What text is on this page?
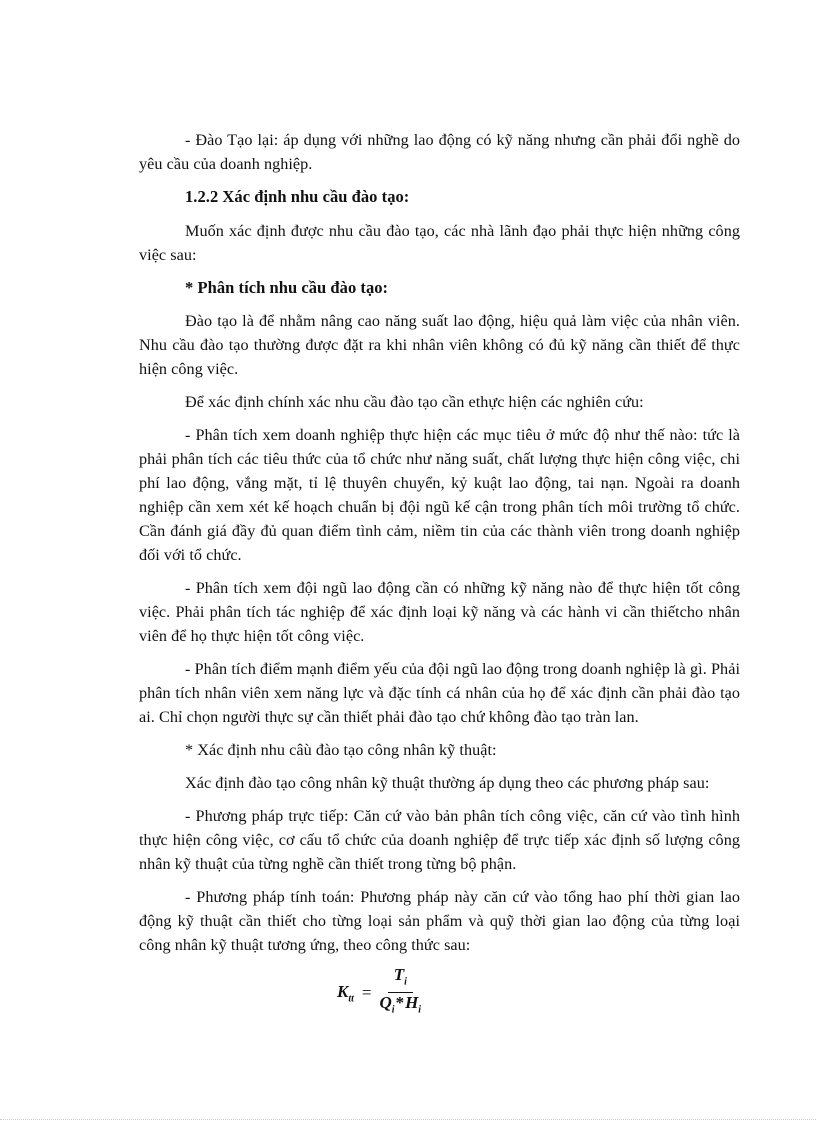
- Đào Tạo lại: áp dụng với những lao động có kỹ năng nhưng cần phải đổi nghề do yêu cầu của doanh nghiệp.

1.2.2 Xác định nhu cầu đào tạo:

Muốn xác định được nhu cầu đào tạo, các nhà lãnh đạo phải thực hiện những công việc sau:

* Phân tích nhu cầu đào tạo:

Đào tạo là để nhằm nâng cao năng suất lao động, hiệu quả làm việc của nhân viên. Nhu cầu đào tạo thường được đặt ra khi nhân viên không có đủ kỹ năng cần thiết để thực hiện công việc.

Để xác định chính xác nhu cầu đào tạo cần ethực hiện các nghiên cứu:

- Phân tích xem doanh nghiệp thực hiện các mục tiêu ở mức độ như thế nào: tức là phải phân tích các tiêu thức của tổ chức như năng suất, chất lượng thực hiện công việc, chi phí lao động, vắng mặt, tỉ lệ thuyên chuyển, kỷ kuật lao động, tai nạn. Ngoài ra doanh nghiệp cần xem xét kế hoạch chuẩn bị đội ngũ kế cận trong phân tích môi trường tổ chức. Cần đánh giá đầy đủ quan điểm tình cảm, niềm tin của các thành viên trong doanh nghiệp đối với tổ chức.

- Phân tích xem đội ngũ lao động cần có những kỹ năng nào để thực hiện tốt công việc. Phải phân tích tác nghiệp để xác định loại kỹ năng và các hành vi cần thiếtcho nhân viên để họ thực hiện tốt công việc.

- Phân tích điểm mạnh điểm yếu của đội ngũ lao động trong doanh nghiệp là gì. Phải phân tích nhân viên xem năng lực và đặc tính cá nhân của họ để xác định cần phải đào tạo ai. Chỉ chọn người thực sự cần thiết phải đào tạo chứ không đào tạo tràn lan.

* Xác định nhu câù đào tạo công nhân kỹ thuật:

Xác định đào tạo công nhân kỹ thuật thường áp dụng theo các phương pháp sau:

- Phương pháp trực tiếp: Căn cứ vào bản phân tích công việc, căn cứ vào tình hình thực hiện công việc, cơ cấu tổ chức của doanh nghiệp để trực tiếp xác định số lượng công nhân kỹ thuật của từng nghề cần thiết trong từng bộ phận.

- Phương pháp tính toán: Phương pháp này căn cứ vào tổng hao phí thời gian lao động kỹ thuật cần thiết cho từng loại sản phẩm và quỹ thời gian lao động của từng loại công nhân kỹ thuật tương ứng, theo công thức sau:

$K_{tt} = \frac{T_i}{Q_i*H_i}$
